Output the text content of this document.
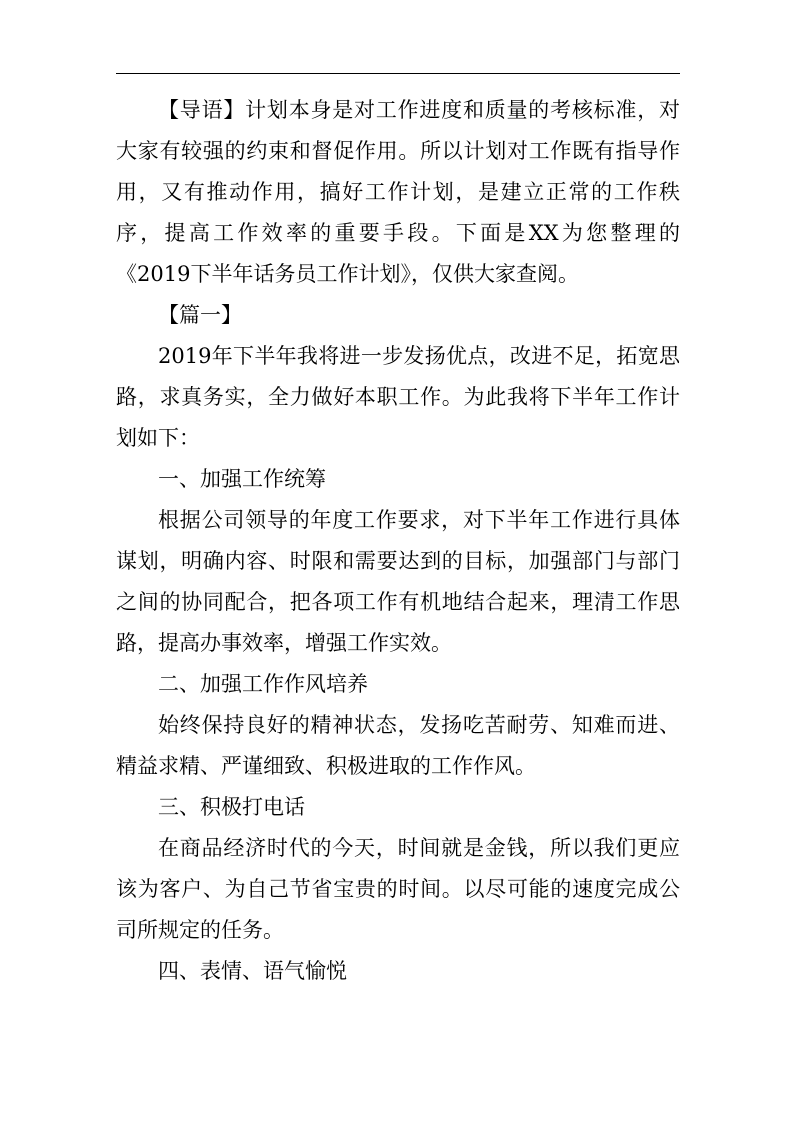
【导语】计划本身是对工作进度和质量的考核标准，对大家有较强的约束和督促作用。所以计划对工作既有指导作用，又有推动作用，搞好工作计划，是建立正常的工作秩序，提高工作效率的重要手段。下面是XX为您整理的《2019下半年话务员工作计划》，仅供大家查阅。

【篇一】

2019年下半年我将进一步发扬优点，改进不足，拓宽思路，求真务实，全力做好本职工作。为此我将下半年工作计划如下：

一、加强工作统筹

根据公司领导的年度工作要求，对下半年工作进行具体谋划，明确内容、时限和需要达到的目标，加强部门与部门之间的协同配合，把各项工作有机地结合起来，理清工作思路，提高办事效率，增强工作实效。

二、加强工作作风培养

始终保持良好的精神状态，发扬吃苦耐劳、知难而进、精益求精、严谨细致、积极进取的工作作风。

三、积极打电话

在商品经济时代的今天，时间就是金钱，所以我们更应该为客户、为自己节省宝贵的时间。以尽可能的速度完成公司所规定的任务。

四、表情、语气愉悦
